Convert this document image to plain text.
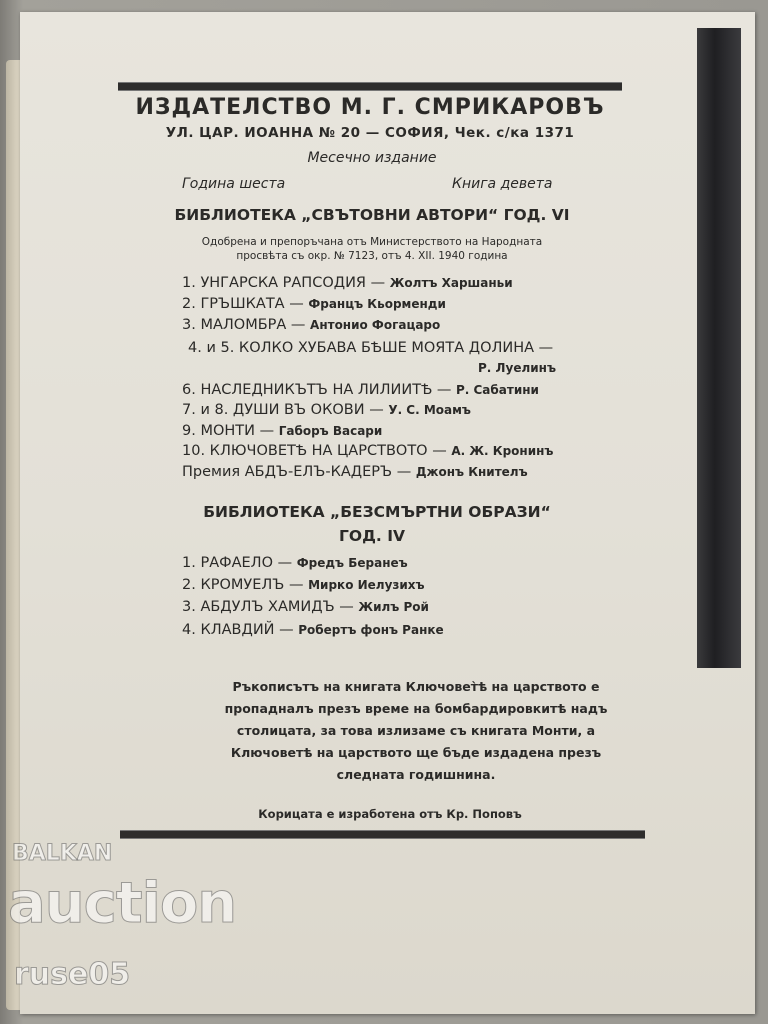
ИЗДАТЕЛСТВО М. Г. СМРИКАРОВЪ
УЛ. ЦАР. ИОАННА № 20 — СОФИЯ, Чек. с/ка 1371
Месечно издание
Година шеста	Книга девета
БИБЛИОТЕКА „СВЪТОВНИ АВТОРИ“ ГОД. VI
Одобрена и препоръчана отъ Министерството на Народната
просвѣта съ окр. № 7123, отъ 4. XII. 1940 година
1. УНГАРСКА РАПСОДИЯ — Жолтъ Харшаньи
2. ГРЪШКАТА — Францъ Кьорменди
3. МАЛОМБРА — Антонио Фогацаро
4. и 5. КОЛКО ХУБАВА БѢШЕ МОЯТА ДОЛИНА —
Р. Луелинъ
6. НАСЛЕДНИКЪТЪ НА ЛИЛИИТѢ — Р. Сабатини
7. и 8. ДУШИ ВЪ ОКОВИ — У. С. Моамъ
9. МОНТИ — Габоръ Васари
10. КЛЮЧОВЕТѢ НА ЦАРСТВОТО — А. Ж. Кронинъ
Премия АБДЪ-ЕЛЪ-КАДЕРЪ — Джонъ Кнителъ
БИБЛИОТЕКА „БЕЗСМЪРТНИ ОБРАЗИ“
ГОД. IV
1. РАФАЕЛО — Фредъ Беранеъ
2. КРОМУЕЛЪ — Мирко Иелузихъ
3. АБДУЛЪ ХАМИДЪ — Жилъ Рой
4. КЛАВДИЙ — Робертъ фонъ Ранке
Ръкописътъ на книгата Ключовет̀ѣ на царството е
пропадналъ презъ време на бомбардировкитѣ надъ
столицата, за това излизаме съ книгата Монти, а
Ключоветѣ на царството ще бъде издадена презъ
следната годишнина.
Корицата е изработена отъ Кр. Поповъ
BALKAN
auction
ruse05
